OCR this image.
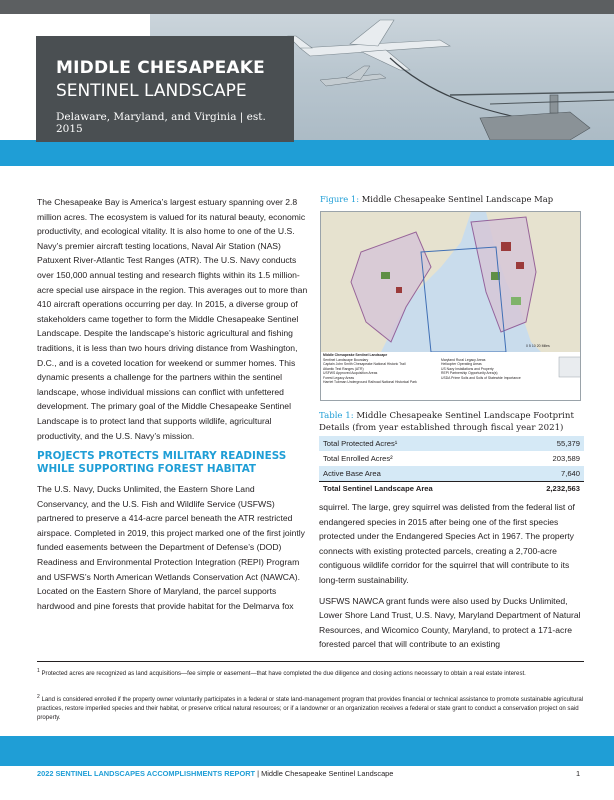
MIDDLE CHESAPEAKE
SENTINEL LANDSCAPE
Delaware, Maryland, and Virginia | est. 2015

The Chesapeake Bay is America’s largest estuary spanning over 2.8 million acres. The ecosystem is valued for its natural beauty, economic productivity, and ecological vitality. It is also home to one of the U.S. Navy’s premier aircraft testing locations, Naval Air Station (NAS) Patuxent River-Atlantic Test Ranges (ATR). The U.S. Navy conducts over 150,000 annual testing and research flights within its 1.5 million-acre special use airspace in the region. This averages out to more than 410 aircraft operations occurring per day. In 2015, a diverse group of stakeholders came together to form the Middle Chesapeake Sentinel Landscape. Despite the landscape’s historic agricultural and fishing traditions, it is less than two hours driving distance from Washington, D.C., and is a coveted location for weekend or summer homes. This dynamic presents a challenge for the partners within the sentinel landscape, whose individual missions can conflict with unfettered development. The primary goal of the Middle Chesapeake Sentinel Landscape is to protect land that supports wildlife, agricultural productivity, and the U.S. Navy’s mission.

PROJECTS PROTECTS MILITARY READINESS WHILE SUPPORTING FOREST HABITAT

The U.S. Navy, Ducks Unlimited, the Eastern Shore Land Conservancy, and the U.S. Fish and Wildlife Service (USFWS) partnered to preserve a 414-acre parcel beneath the ATR restricted airspace. Completed in 2019, this project marked one of the first jointly funded easements between the Department of Defense’s (DOD) Readiness and Environmental Protection Integration (REPI) Program and USFWS’s North American Wetlands Conservation Act (NAWCA). Located on the Eastern Shore of Maryland, the parcel supports hardwood and pine forests that provide habitat for the Delmarva fox

Figure 1: Middle Chesapeake Sentinel Landscape Map
Middle Chesapeake Sentinel Landscape
Sentinel Landscape Boundary
Captain John Smith Chesapeake National Historic Trail
Atlantic Test Ranges (ATR)
USFWS Approved Acquisition Areas
Forest Legacy Areas
Harriet Tubman Underground Railroad National Historical Park
Maryland Rural Legacy Areas
Helicopter Operating Areas
US Navy Installations and Property
REPI Partnership Opportunity Area(s)
USDA Prime Soils and Soils of Statewide Importance
0 5 10 20 Miles
Table 1: Middle Chesapeake Sentinel Landscape Footprint Details (from year established through fiscal year 2021)
Total Protected Acres¹	55,379
Total Enrolled Acres²	203,589
Active Base Area	7,640
Total Sentinel Landscape Area	2,232,563

squirrel. The large, grey squirrel was delisted from the federal list of endangered species in 2015 after being one of the first species protected under the Endangered Species Act in 1967. The property connects with existing protected parcels, creating a 2,700-acre contiguous wildlife corridor for the squirrel that will contribute to its long-term sustainability.

USFWS NAWCA grant funds were also used by Ducks Unlimited, Lower Shore Land Trust, U.S. Navy, Maryland Department of Natural Resources, and Wicomico County, Maryland, to protect a 171-acre forested parcel that will contribute to an existing

$^1$ Protected acres are recognized as land acquisitions—fee simple or easement—that have completed the due diligence and closing actions necessary to obtain a real estate interest.
$^2$ Land is considered enrolled if the property owner voluntarily participates in a federal or state land-management program that provides financial or technical assistance to promote sustainable agricultural practices, restore imperiled species and their habitat, or preserve critical natural resources; or if a landowner or an organization receives a federal or state grant to conduct a conservation project on said property.
2022 SENTINEL LANDSCAPES ACCOMPLISHMENTS REPORT | Middle Chesapeake Sentinel Landscape	1
